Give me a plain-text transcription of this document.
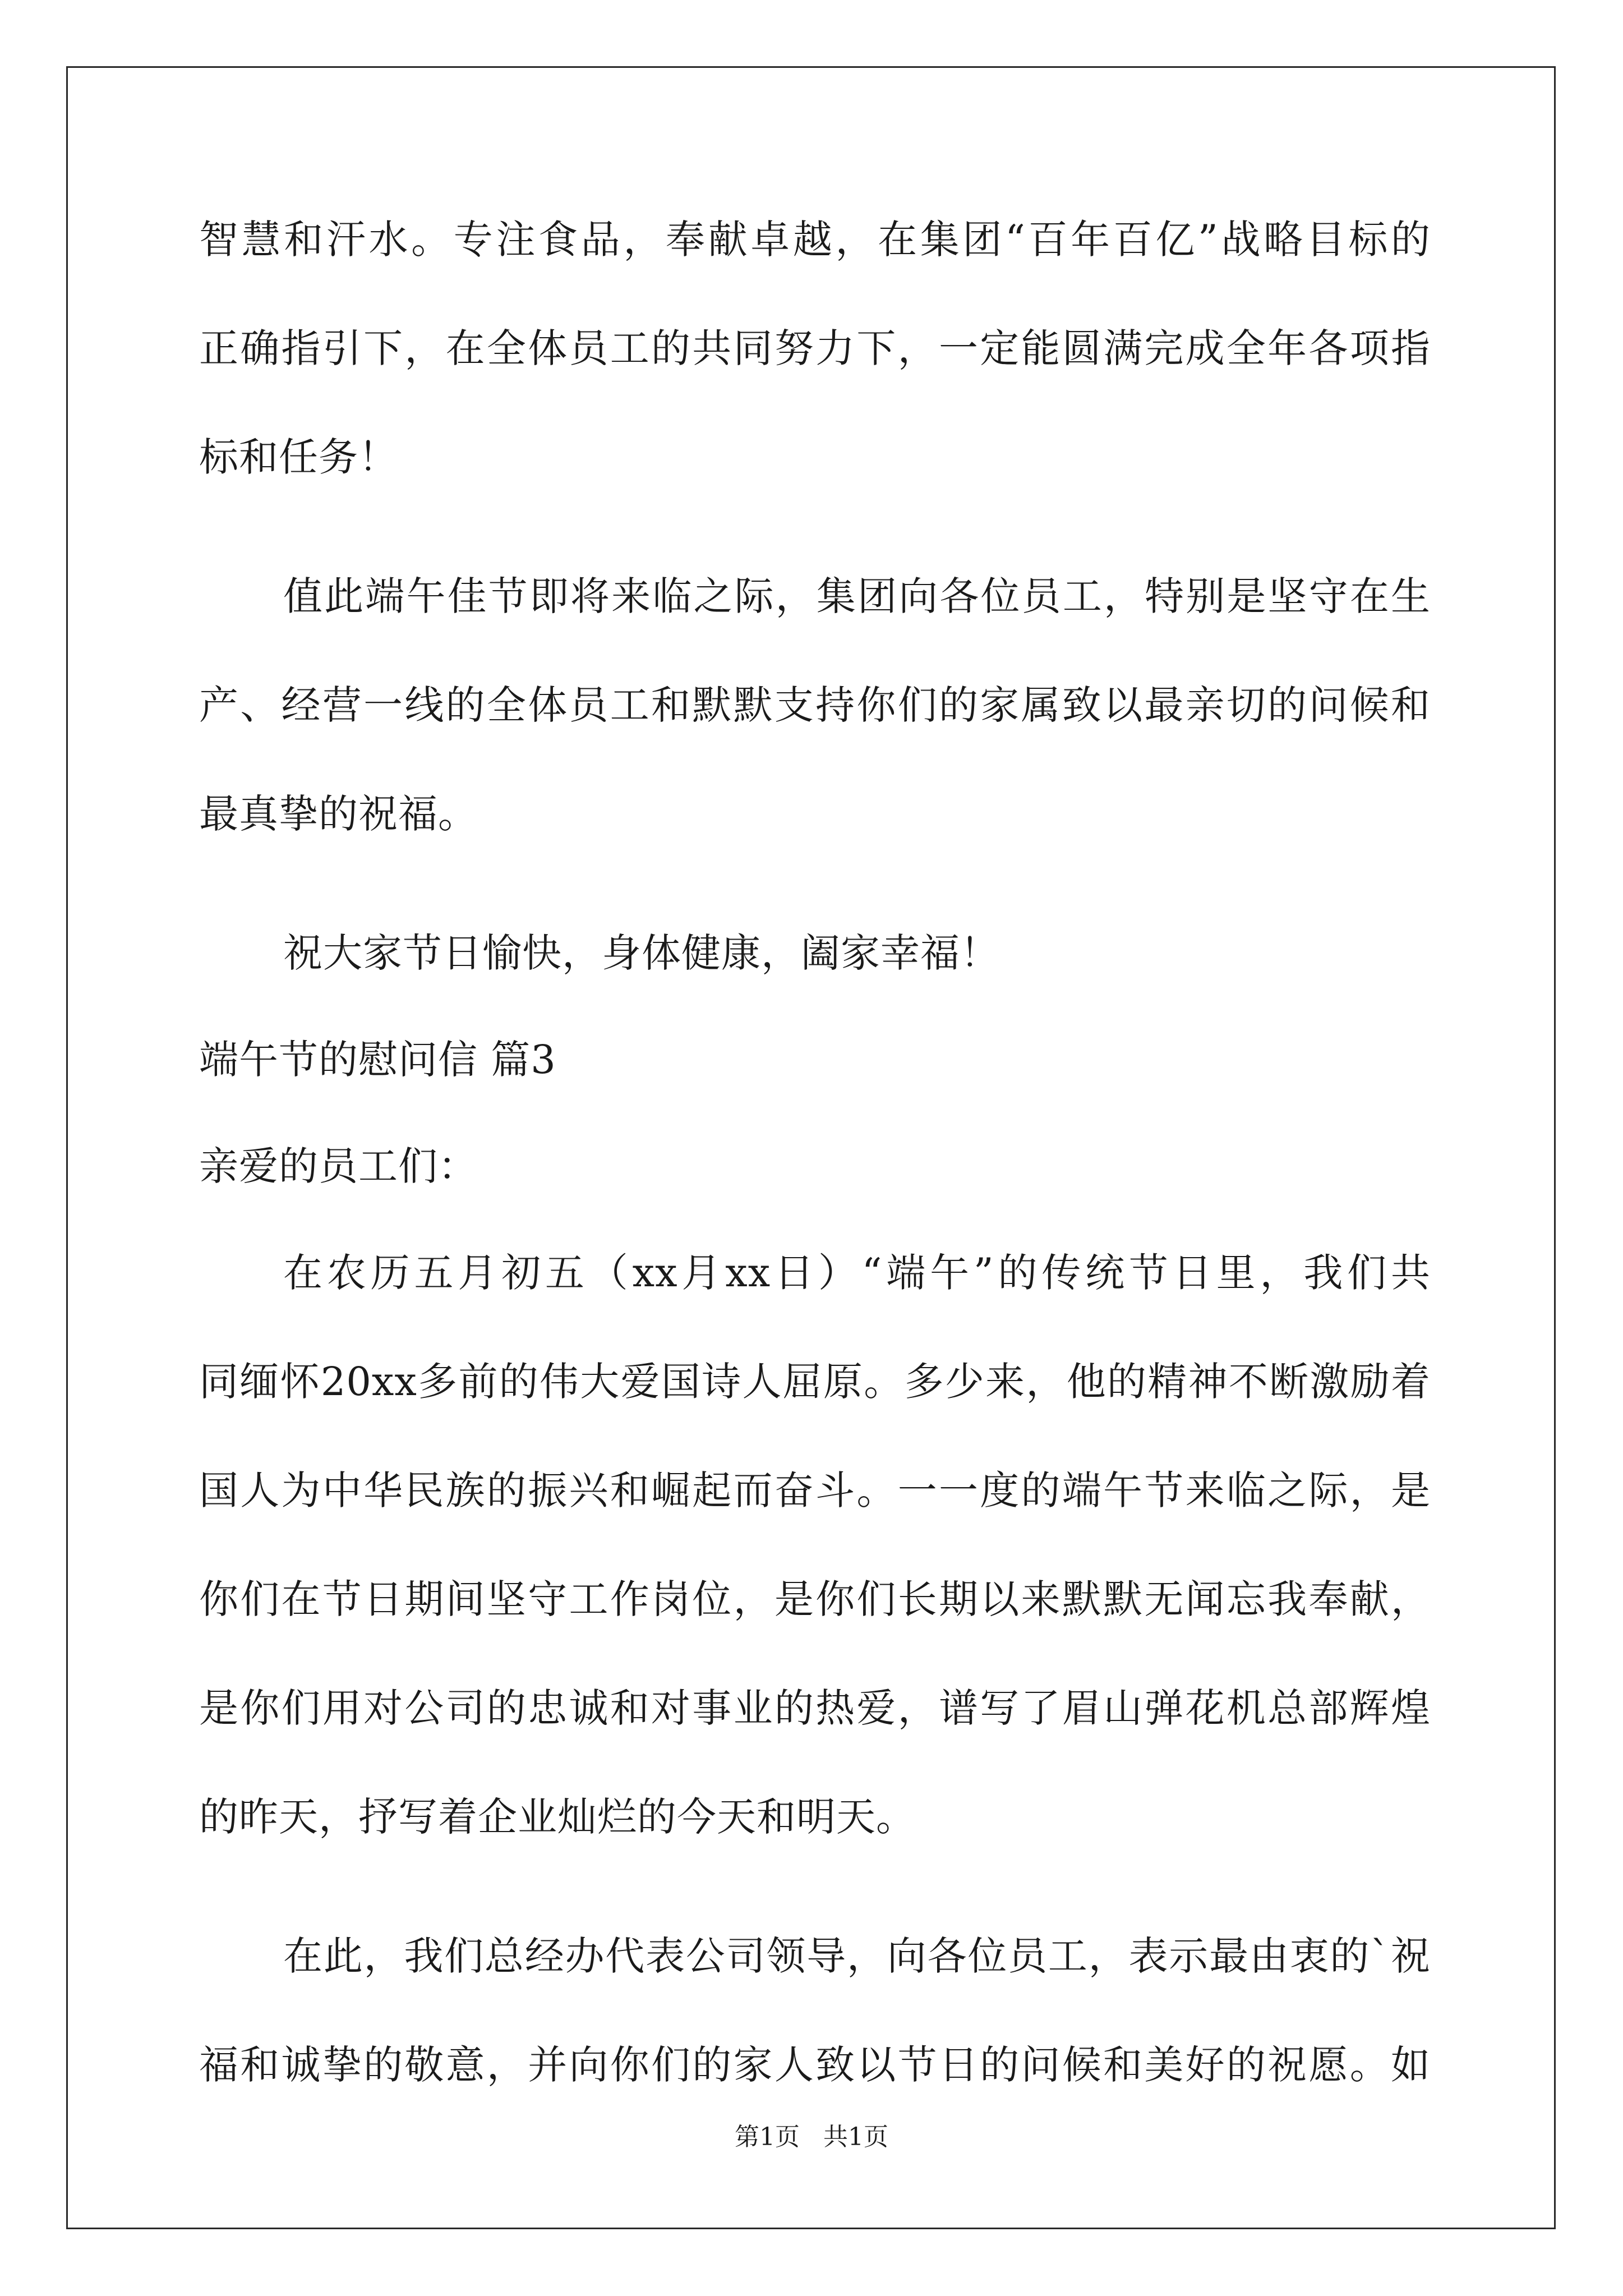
智慧和汗水。专注食品，奉献卓越，在集团“百年百亿”战略目标的
正确指引下，在全体员工的共同努力下，一定能圆满完成全年各项指
标和任务！
值此端午佳节即将来临之际，集团向各位员工，特别是坚守在生
产、经营一线的全体员工和默默支持你们的家属致以最亲切的问候和
最真挚的祝福。
祝大家节日愉快，身体健康，阖家幸福！
端午节的慰问信 篇3
亲爱的员工们：
在农历五月初五（xx月xx日）“端午”的传统节日里，我们共
同缅怀20xx多前的伟大爱国诗人屈原。多少来，他的精神不断激励着
国人为中华民族的振兴和崛起而奋斗。一一度的端午节来临之际，是
你们在节日期间坚守工作岗位，是你们长期以来默默无闻忘我奉献，
是你们用对公司的忠诚和对事业的热爱，谱写了眉山弹花机总部辉煌
的昨天，抒写着企业灿烂的今天和明天。
在此，我们总经办代表公司领导，向各位员工，表示最由衷的`祝
福和诚挚的敬意，并向你们的家人致以节日的问候和美好的祝愿。如
第1页 共1页
